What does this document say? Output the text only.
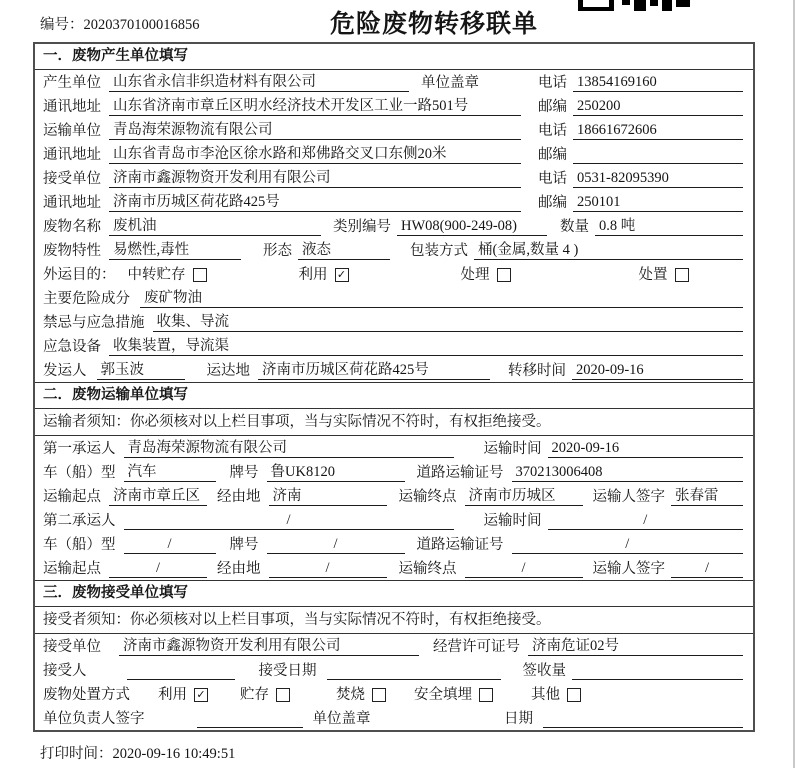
编号：2020370100016856	危险废物转移联单
一．废物产生单位填写
产生单位 山东省永信非织造材料有限公司	单位盖章	电话 13854169160
通讯地址 山东省济南市章丘区明水经济技术开发区工业一路501号	邮编 250200
运输单位 青岛海荣源物流有限公司	电话 18661672606
通讯地址 山东省青岛市李沧区徐水路和郑佛路交叉口东侧20米	邮编
接受单位 济南市鑫源物资开发利用有限公司	电话 0531-82095390
通讯地址 济南市历城区荷花路425号	邮编 250101
废物名称 废机油	类别编号 HW08(900-249-08)	数量 0.8 吨
废物特性 易燃性,毒性	形态 液态	包装方式 桶(金属,数量 4 )
外运目的： 中转贮存	利用 ✓	处理	处置
主要危险成分 废矿物油
禁忌与应急措施 收集、导流
应急设备 收集装置，导流渠
发运人 郭玉波	运达地 济南市历城区荷花路425号	转移时间 2020-09-16
二．废物运输单位填写
运输者须知：你必须核对以上栏目事项，当与实际情况不符时，有权拒绝接受。
第一承运人 青岛海荣源物流有限公司	运输时间 2020-09-16
车（船）型 汽车	牌号 鲁UK8120	道路运输证号 370213006408
运输起点 济南市章丘区	经由地 济南	运输终点 济南市历城区	运输人签字 张春雷
第二承运人	/	运输时间	/
车（船）型	/	牌号	/	道路运输证号	/
运输起点	/	经由地	/	运输终点	/	运输人签字	/
三．废物接受单位填写
接受者须知：你必须核对以上栏目事项，当与实际情况不符时，有权拒绝接受。
接受单位 济南市鑫源物资开发利用有限公司	经营许可证号 济南危证02号
接受人	接受日期	签收量
废物处置方式 利用 ✓ 贮存	焚烧	安全填埋	其他
单位负责人签字	单位盖章	日期
打印时间：2020-09-16 10:49:51
